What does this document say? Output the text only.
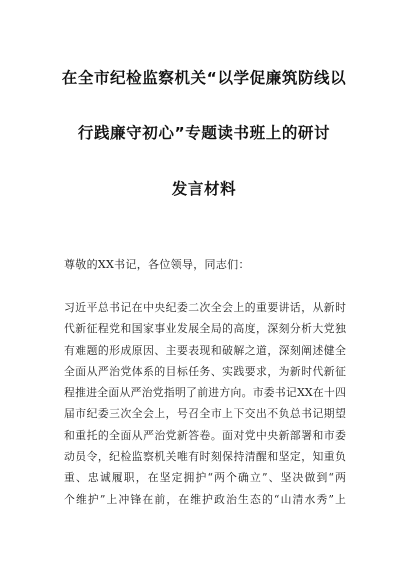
在全市纪检监察机关“以学促廉筑防线以
行践廉守初心”专题读书班上的研讨
发言材料
尊敬的XX书记，各位领导，同志们：
习近平总书记在中央纪委二次全会上的重要讲话，从新时
代新征程党和国家事业发展全局的高度，深刻分析大党独
有难题的形成原因、主要表现和破解之道，深刻阐述健全
全面从严治党体系的目标任务、实践要求，为新时代新征
程推进全面从严治党指明了前进方向。市委书记XX在十四
届市纪委三次全会上，号召全市上下交出不负总书记期望
和重托的全面从严治党新答卷。面对党中央新部署和市委
动员令，纪检监察机关唯有时刻保持清醒和坚定，知重负
重、忠诚履职，在坚定拥护“两个确立”、坚决做到“两
个维护”上冲锋在前，在维护政治生态的“山清水秀”上
